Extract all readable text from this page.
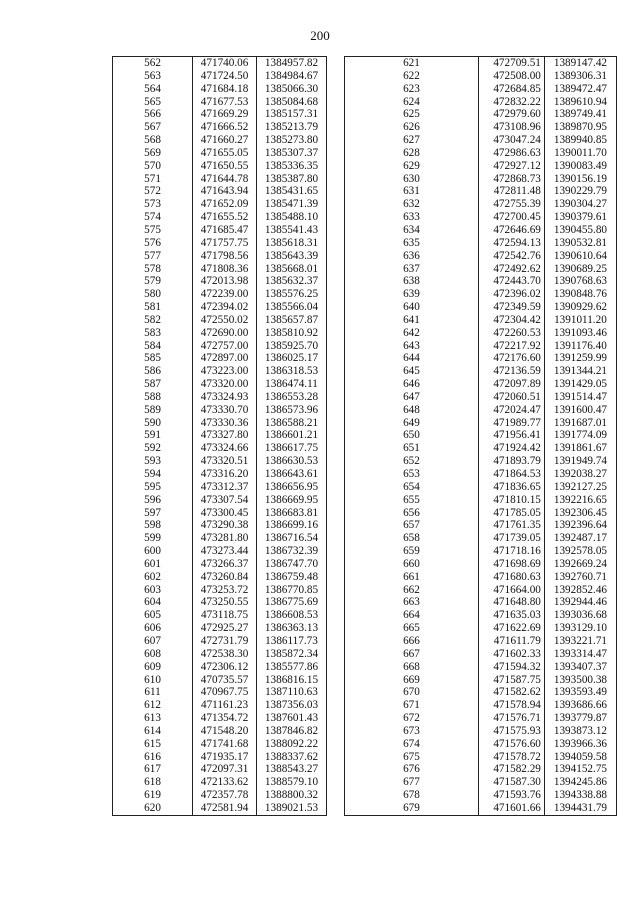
200
562	471740.06	1384957.82
563	471724.50	1384984.67
564	471684.18	1385066.30
565	471677.53	1385084.68
566	471669.29	1385157.31
567	471666.52	1385213.79
568	471660.27	1385273.80
569	471655.05	1385307.37
570	471650.55	1385336.35
571	471644.78	1385387.80
572	471643.94	1385431.65
573	471652.09	1385471.39
574	471655.52	1385488.10
575	471685.47	1385541.43
576	471757.75	1385618.31
577	471798.56	1385643.39
578	471808.36	1385668.01
579	472013.98	1385632.37
580	472239.00	1385576.25
581	472394.02	1385566.04
582	472550.02	1385657.87
583	472690.00	1385810.92
584	472757.00	1385925.70
585	472897.00	1386025.17
586	473223.00	1386318.53
587	473320.00	1386474.11
588	473324.93	1386553.28
589	473330.70	1386573.96
590	473330.36	1386588.21
591	473327.80	1386601.21
592	473324.66	1386617.75
593	473320.51	1386630.53
594	473316.20	1386643.61
595	473312.37	1386656.95
596	473307.54	1386669.95
597	473300.45	1386683.81
598	473290.38	1386699.16
599	473281.80	1386716.54
600	473273.44	1386732.39
601	473266.37	1386747.70
602	473260.84	1386759.48
603	473253.72	1386770.85
604	473250.55	1386775.69
605	473118.75	1386608.53
606	472925.27	1386363.13
607	472731.79	1386117.73
608	472538.30	1385872.34
609	472306.12	1385577.86
610	470735.57	1386816.15
611	470967.75	1387110.63
612	471161.23	1387356.03
613	471354.72	1387601.43
614	471548.20	1387846.82
615	471741.68	1388092.22
616	471935.17	1388337.62
617	472097.31	1388543.27
618	472133.62	1388579.10
619	472357.78	1388800.32
620	472581.94	1389021.53
621	472709.51	1389147.42
622	472508.00	1389306.31
623	472684.85	1389472.47
624	472832.22	1389610.94
625	472979.60	1389749.41
626	473108.96	1389870.95
627	473047.24	1389940.85
628	472986.63	1390011.70
629	472927.12	1390083.49
630	472868.73	1390156.19
631	472811.48	1390229.79
632	472755.39	1390304.27
633	472700.45	1390379.61
634	472646.69	1390455.80
635	472594.13	1390532.81
636	472542.76	1390610.64
637	472492.62	1390689.25
638	472443.70	1390768.63
639	472396.02	1390848.76
640	472349.59	1390929.62
641	472304.42	1391011.20
642	472260.53	1391093.46
643	472217.92	1391176.40
644	472176.60	1391259.99
645	472136.59	1391344.21
646	472097.89	1391429.05
647	472060.51	1391514.47
648	472024.47	1391600.47
649	471989.77	1391687.01
650	471956.41	1391774.09
651	471924.42	1391861.67
652	471893.79	1391949.74
653	471864.53	1392038.27
654	471836.65	1392127.25
655	471810.15	1392216.65
656	471785.05	1392306.45
657	471761.35	1392396.64
658	471739.05	1392487.17
659	471718.16	1392578.05
660	471698.69	1392669.24
661	471680.63	1392760.71
662	471664.00	1392852.46
663	471648.80	1392944.46
664	471635.03	1393036.68
665	471622.69	1393129.10
666	471611.79	1393221.71
667	471602.33	1393314.47
668	471594.32	1393407.37
669	471587.75	1393500.38
670	471582.62	1393593.49
671	471578.94	1393686.66
672	471576.71	1393779.87
673	471575.93	1393873.12
674	471576.60	1393966.36
675	471578.72	1394059.58
676	471582.29	1394152.75
677	471587.30	1394245.86
678	471593.76	1394338.88
679	471601.66	1394431.79
